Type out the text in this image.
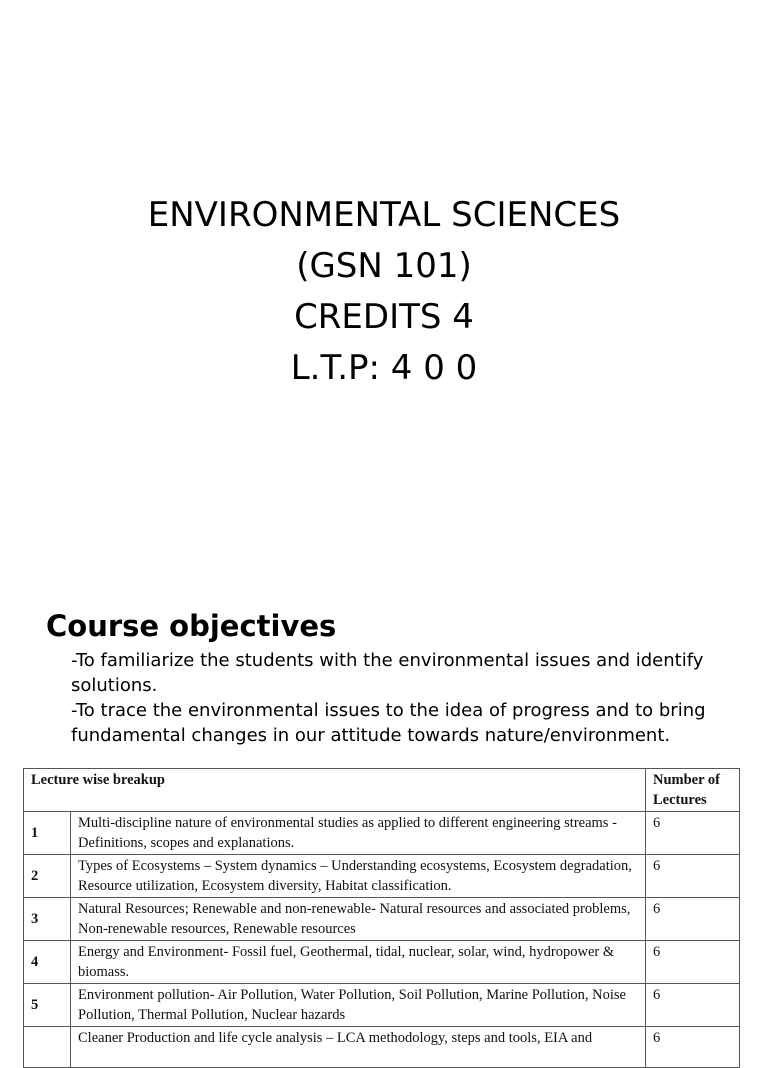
ENVIRONMENTAL SCIENCES
(GSN 101)
CREDITS 4
L.T.P: 4 0 0
Course objectives

-To familiarize the students with the environmental issues and identify solutions.

-To trace the environmental issues to the idea of progress and to bring fundamental changes in our attitude towards nature/environment.

Lecture wise breakup		Number of Lectures
1	Multi-discipline nature of environmental studies as applied to different engineering streams - Definitions, scopes and explanations.	6
2	Types of Ecosystems – System dynamics – Understanding ecosystems, Ecosystem degradation, Resource utilization, Ecosystem diversity, Habitat classification.	6
3	Natural Resources; Renewable and non-renewable- Natural resources and associated problems, Non-renewable resources, Renewable resources	6
4	Energy and Environment- Fossil fuel, Geothermal, tidal, nuclear, solar, wind, hydropower & biomass.	6
5	Environment pollution- Air Pollution, Water Pollution, Soil Pollution, Marine Pollution, Noise Pollution, Thermal Pollution, Nuclear hazards	6
	Cleaner Production and life cycle analysis – LCA methodology, steps and tools, EIA and	6
